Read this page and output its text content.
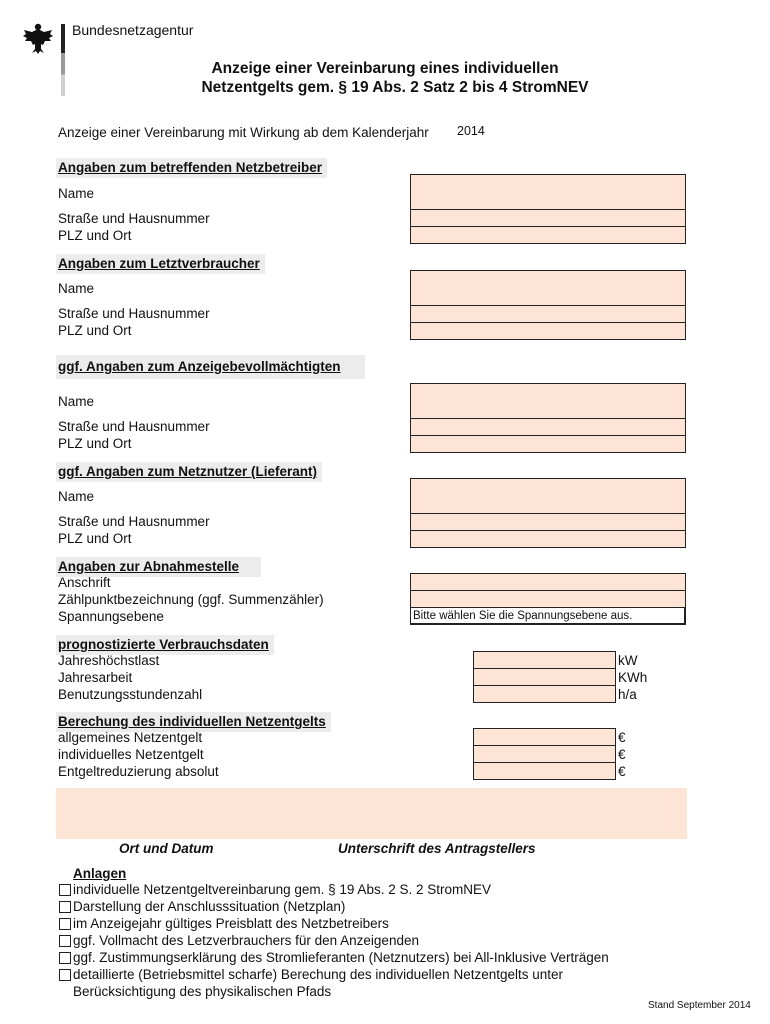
Bundesnetzagentur
Anzeige einer Vereinbarung eines individuellen
Netzentgelts gem. § 19 Abs. 2 Satz 2 bis 4 StromNEV
Anzeige einer Vereinbarung mit Wirkung ab dem Kalenderjahr 2014
Angaben zum betreffenden Netzbetreiber
Name
Straße und Hausnummer
PLZ und Ort
Angaben zum Letztverbraucher
Name
Straße und Hausnummer
PLZ und Ort
ggf. Angaben zum Anzeigebevollmächtigten
Name
Straße und Hausnummer
PLZ und Ort
ggf. Angaben zum Netznutzer (Lieferant)
Name
Straße und Hausnummer
PLZ und Ort
Angaben zur Abnahmestelle
Anschrift
Zählpunktbezeichnung (ggf. Summenzähler)
Spannungsebene	Bitte wählen Sie die Spannungsebene aus.
prognostizierte Verbrauchsdaten
Jahreshöchstlast
Jahresarbeit
Benutzungsstundenzahl
kW
KWh
h/a
Berechung des individuellen Netzentgelts
allgemeines Netzentgelt
individuelles Netzentgelt
Entgeltreduzierung absolut
€
€
€
Ort und Datum	Unterschrift des Antragstellers
Anlagen
individuelle Netzentgeltvereinbarung gem. § 19 Abs. 2 S. 2 StromNEV
Darstellung der Anschlusssituation (Netzplan)
im Anzeigejahr gültiges Preisblatt des Netzbetreibers
ggf. Vollmacht des Letzverbrauchers für den Anzeigenden
ggf. Zustimmungserklärung des Stromlieferanten (Netznutzers) bei All-Inklusive Verträgen
detaillierte (Betriebsmittel scharfe) Berechung des individuellen Netzentgelts unter
Berücksichtigung des physikalischen Pfads
Stand September 2014
